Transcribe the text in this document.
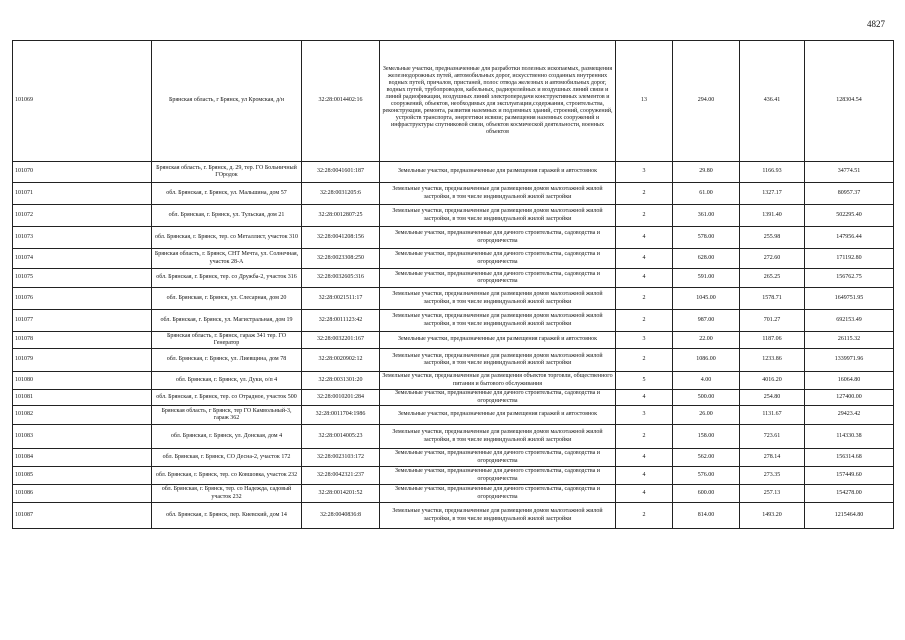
4827
101069	Брянская область, г Брянск, ул Кромская, д/н	32:28:0014402:16	Земельные участки, предназначенные для разработки полезных ископаемых, размещения железнодорожных путей, автомобильных дорог, искусственно созданных внутренних водных путей, причалов, пристаней, полос отвода железных и автомобильных дорог, водных путей, трубопроводов, кабельных, радиорелейных и воздушных линий связи и линий радиофикации, воздушных линий электропередачи конструктивных элементов и сооружений, объектов, необходимых для эксплуатации,содержания, строительства, реконструкции, ремонта, развития наземных и подземных зданий, строений, сооружений, устройств транспорта, энергетики исвязи; размещения наземных сооружений и инфраструктуры спутниковой связи, объектов космической деятельности, военных объектов	13	294.00	436.41	128304.54
101070	Брянская область, г. Брянск, д. 29, тер. ГО Больничный ГОродок	32:28:0041601:187	Земельные участки, предназначенные для размещения гаражей и автостоянок	3	29.80	1166.93	34774.51
101071	обл. Брянская, г. Брянск, ул. Мальшина, дом 57	32:28:0031205:6	Земельные участки, предназначенные для размещения домов малоэтажной жилой застройки, в том числе индивидуальной жилой застройки	2	61.00	1327.17	80957.37
101072	обл. Брянская, г. Брянск, ул. Тульская, дом 21	32:28:0012807:25	Земельные участки, предназначенные для размещения домов малоэтажной жилой застройки, в том числе индивидуальной жилой застройки	2	361.00	1391.40	502295.40
101073	обл. Брянская, г. Брянск, тер. со Металлист, участок 310	32:28:0041208:156	Земельные участки, предназначенные для дачного строительства, садоводства и огородничества	4	578.00	255.98	147956.44
101074	Брянская область, г. Брянск, СНТ Мечта, ул. Солнечная, участок 28-А	32:28:0023308:250	Земельные участки, предназначенные для дачного строительства, садоводства и огородничества	4	628.00	272.60	171192.80
101075	обл. Брянская, г. Брянск, тер. со Дружба-2, участок 316	32:28:0032605:316	Земельные участки, предназначенные для дачного строительства, садоводства и огородничества	4	591.00	265.25	156762.75
101076	обл. Брянская, г. Брянск, ул. Слесарная, дом 20	32:28:0021511:17	Земельные участки, предназначенные для размещения домов малоэтажной жилой застройки, в том числе индивидуальной жилой застройки	2	1045.00	1578.71	1649751.95
101077	обл. Брянская, г. Брянск, ул. Магистральная, дом 19	32:28:0011123:42	Земельные участки, предназначенные для размещения домов малоэтажной жилой застройки, в том числе индивидуальной жилой застройки	2	987.00	701.27	692153.49
101078	Брянская область, г. Брянск, гараж 341 тер. ГО Генератор	32:28:0032201:167	Земельные участки, предназначенные для размещения гаражей и автостоянок	3	22.00	1187.06	26115.32
101079	обл. Брянская, г. Брянск, ул. Лиевщина, дом 78	32:28:0020902:12	Земельные участки, предназначенные для размещения домов малоэтажной жилой застройки, в том числе индивидуальной жилой застройки	2	1086.00	1233.86	1339971.96
101080	обл. Брянская, г. Брянск, ул. Дуки, о/п 4	32:28:0031301:20	Земельные участки, предназначенные для размещения объектов торговли, общественного питания и бытового обслуживания	5	4.00	4016.20	16064.80
101081	обл. Брянская, г. Брянск, тер. со Отрадное, участок 500	32:28:0010201:284	Земельные участки, предназначенные для дачного строительства, садоводства и огородничества	4	500.00	254.80	127400.00
101082	Брянская область, г Брянск, тер ГО Камвольный-3, гараж 362	32:28:0011704:1986	Земельные участки, предназначенные для размещения гаражей и автостоянок	3	26.00	1131.67	29423.42
101083	обл. Брянская, г. Брянск, ул. Донская, дом 4	32:28:0014005:23	Земельные участки, предназначенные для размещения домов малоэтажной жилой застройки, в том числе индивидуальной жилой застройки	2	158.00	723.61	114330.38
101084	обл. Брянская, г. Брянск, СО Десна-2, участок 172	32:28:0023103:172	Земельные участки, предназначенные для дачного строительства, садоводства и огородничества	4	562.00	278.14	156314.68
101085	обл. Брянская, г. Брянск, тер. со Ковшовка, участок 232	32:28:0042321:237	Земельные участки, предназначенные для дачного строительства, садоводства и огородничества	4	576.00	273.35	157449.60
101086	обл. Брянская, г. Брянск, тер. со Надежда, садовый участок 232	32:28:0014201:52	Земельные участки, предназначенные для дачного строительства, садоводства и огородничества	4	600.00	257.13	154278.00
101087	обл. Брянская, г. Брянск, пер. Киевский, дом 14	32:28:0040836:8	Земельные участки, предназначенные для размещения домов малоэтажной жилой застройки, в том числе индивидуальной жилой застройки	2	814.00	1493.20	1215464.80
